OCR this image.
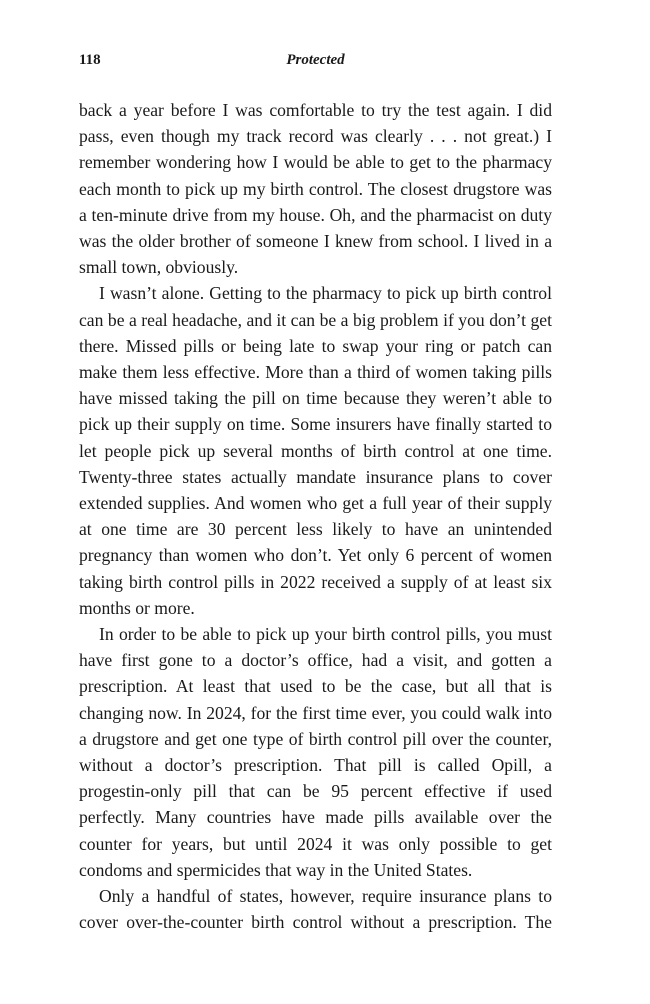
118	Protected

back a year before I was comfortable to try the test again. I did pass, even though my track record was clearly . . . not great.) I remember wondering how I would be able to get to the pharmacy each month to pick up my birth control. The closest drugstore was a ten-minute drive from my house. Oh, and the pharmacist on duty was the older brother of someone I knew from school. I lived in a small town, obviously.

I wasn’t alone. Getting to the pharmacy to pick up birth control can be a real headache, and it can be a big problem if you don’t get there. Missed pills or being late to swap your ring or patch can make them less effective. More than a third of women taking pills have missed taking the pill on time because they weren’t able to pick up their supply on time. Some insurers have finally started to let people pick up several months of birth control at one time. Twenty-three states actually mandate insurance plans to cover extended supplies. And women who get a full year of their supply at one time are 30 percent less likely to have an unintended pregnancy than women who don’t. Yet only 6 percent of women taking birth control pills in 2022 received a supply of at least six months or more.

In order to be able to pick up your birth control pills, you must have first gone to a doctor’s office, had a visit, and gotten a prescription. At least that used to be the case, but all that is changing now. In 2024, for the first time ever, you could walk into a drugstore and get one type of birth control pill over the counter, without a doctor’s prescription. That pill is called Opill, a progestin-only pill that can be 95 percent effective if used perfectly. Many countries have made pills available over the counter for years, but until 2024 it was only possible to get condoms and spermicides that way in the United States.

Only a handful of states, however, require insurance plans to cover over-the-counter birth control without a prescription. The
